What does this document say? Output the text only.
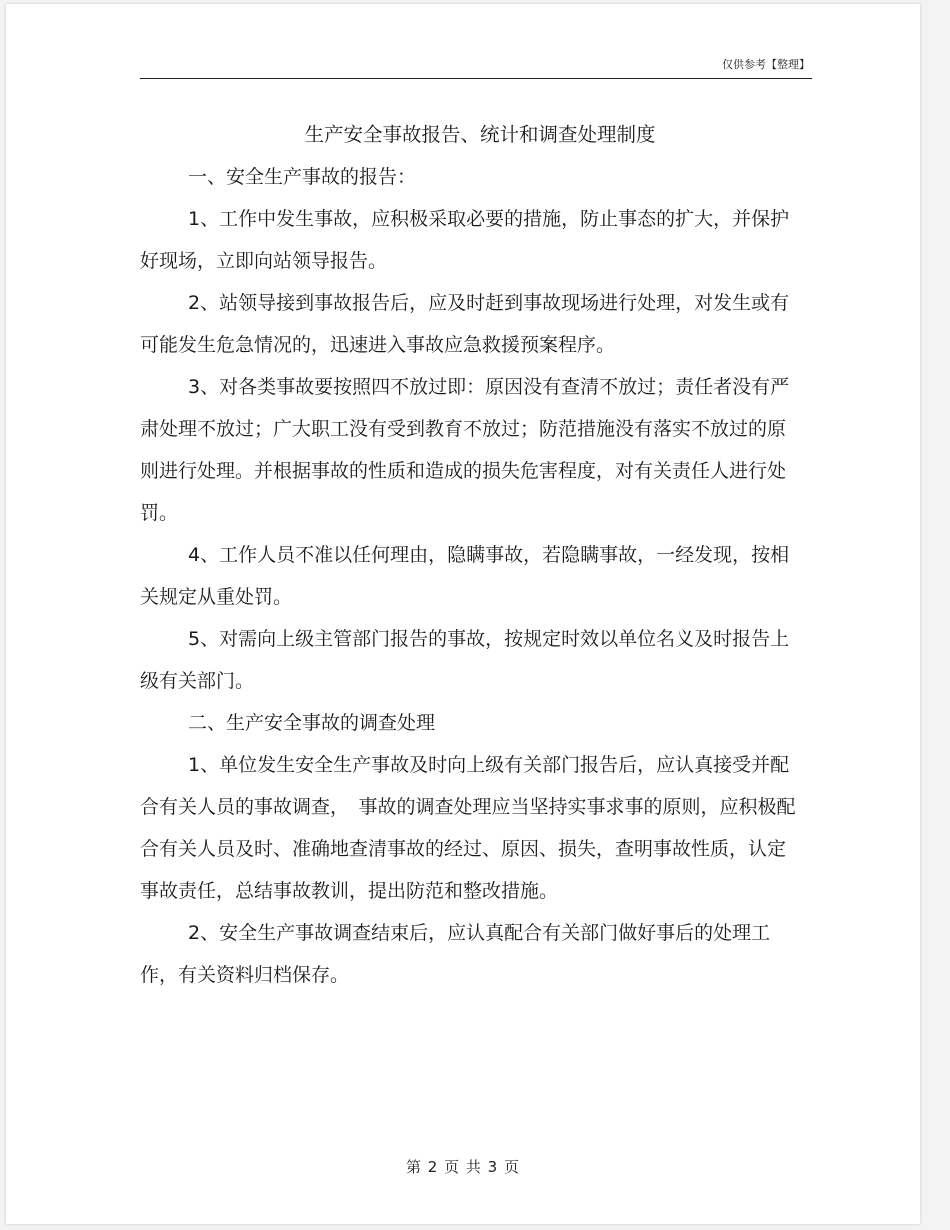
仅供参考【整理】

生产安全事故报告、统计和调查处理制度

一、安全生产事故的报告：

1、工作中发生事故，应积极采取必要的措施，防止事态的扩大，并保护好现场，立即向站领导报告。

2、站领导接到事故报告后，应及时赶到事故现场进行处理，对发生或有可能发生危急情况的，迅速进入事故应急救援预案程序。

3、对各类事故要按照四不放过即：原因没有查清不放过；责任者没有严肃处理不放过；广大职工没有受到教育不放过；防范措施没有落实不放过的原则进行处理。并根据事故的性质和造成的损失危害程度，对有关责任人进行处罚。

4、工作人员不准以任何理由，隐瞒事故，若隐瞒事故，一经发现，按相关规定从重处罚。

5、对需向上级主管部门报告的事故，按规定时效以单位名义及时报告上级有关部门。

二、生产安全事故的调查处理

1、单位发生安全生产事故及时向上级有关部门报告后，应认真接受并配合有关人员的事故调查，　事故的调查处理应当坚持实事求事的原则，应积极配合有关人员及时、准确地查清事故的经过、原因、损失，查明事故性质，认定事故责任，总结事故教训，提出防范和整改措施。

2、安全生产事故调查结束后，应认真配合有关部门做好事后的处理工作，有关资料归档保存。

第 2 页 共 3 页
